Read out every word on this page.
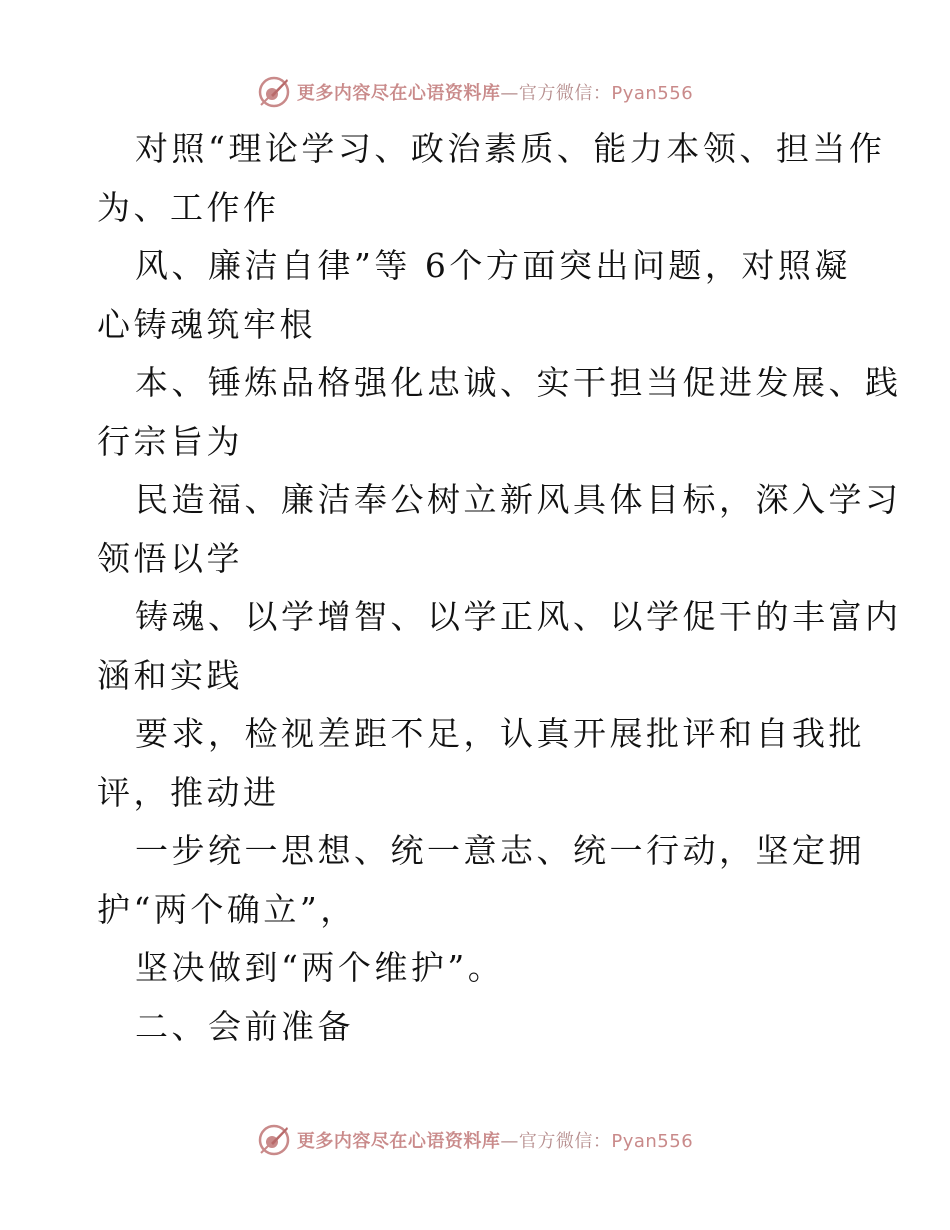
更多内容尽在心语资料库—官方微信：Pyan556
对照“理论学习、政治素质、能力本领、担当作
为、工作作
风、廉洁自律”等 6个方面突出问题，对照凝
心铸魂筑牢根
本、锤炼品格强化忠诚、实干担当促进发展、践
行宗旨为
民造福、廉洁奉公树立新风具体目标，深入学习
领悟以学
铸魂、以学增智、以学正风、以学促干的丰富内
涵和实践
要求，检视差距不足，认真开展批评和自我批
评，推动进
一步统一思想、统一意志、统一行动，坚定拥
护“两个确立”，
坚决做到“两个维护”。
二、会前准备
更多内容尽在心语资料库—官方微信：Pyan556
